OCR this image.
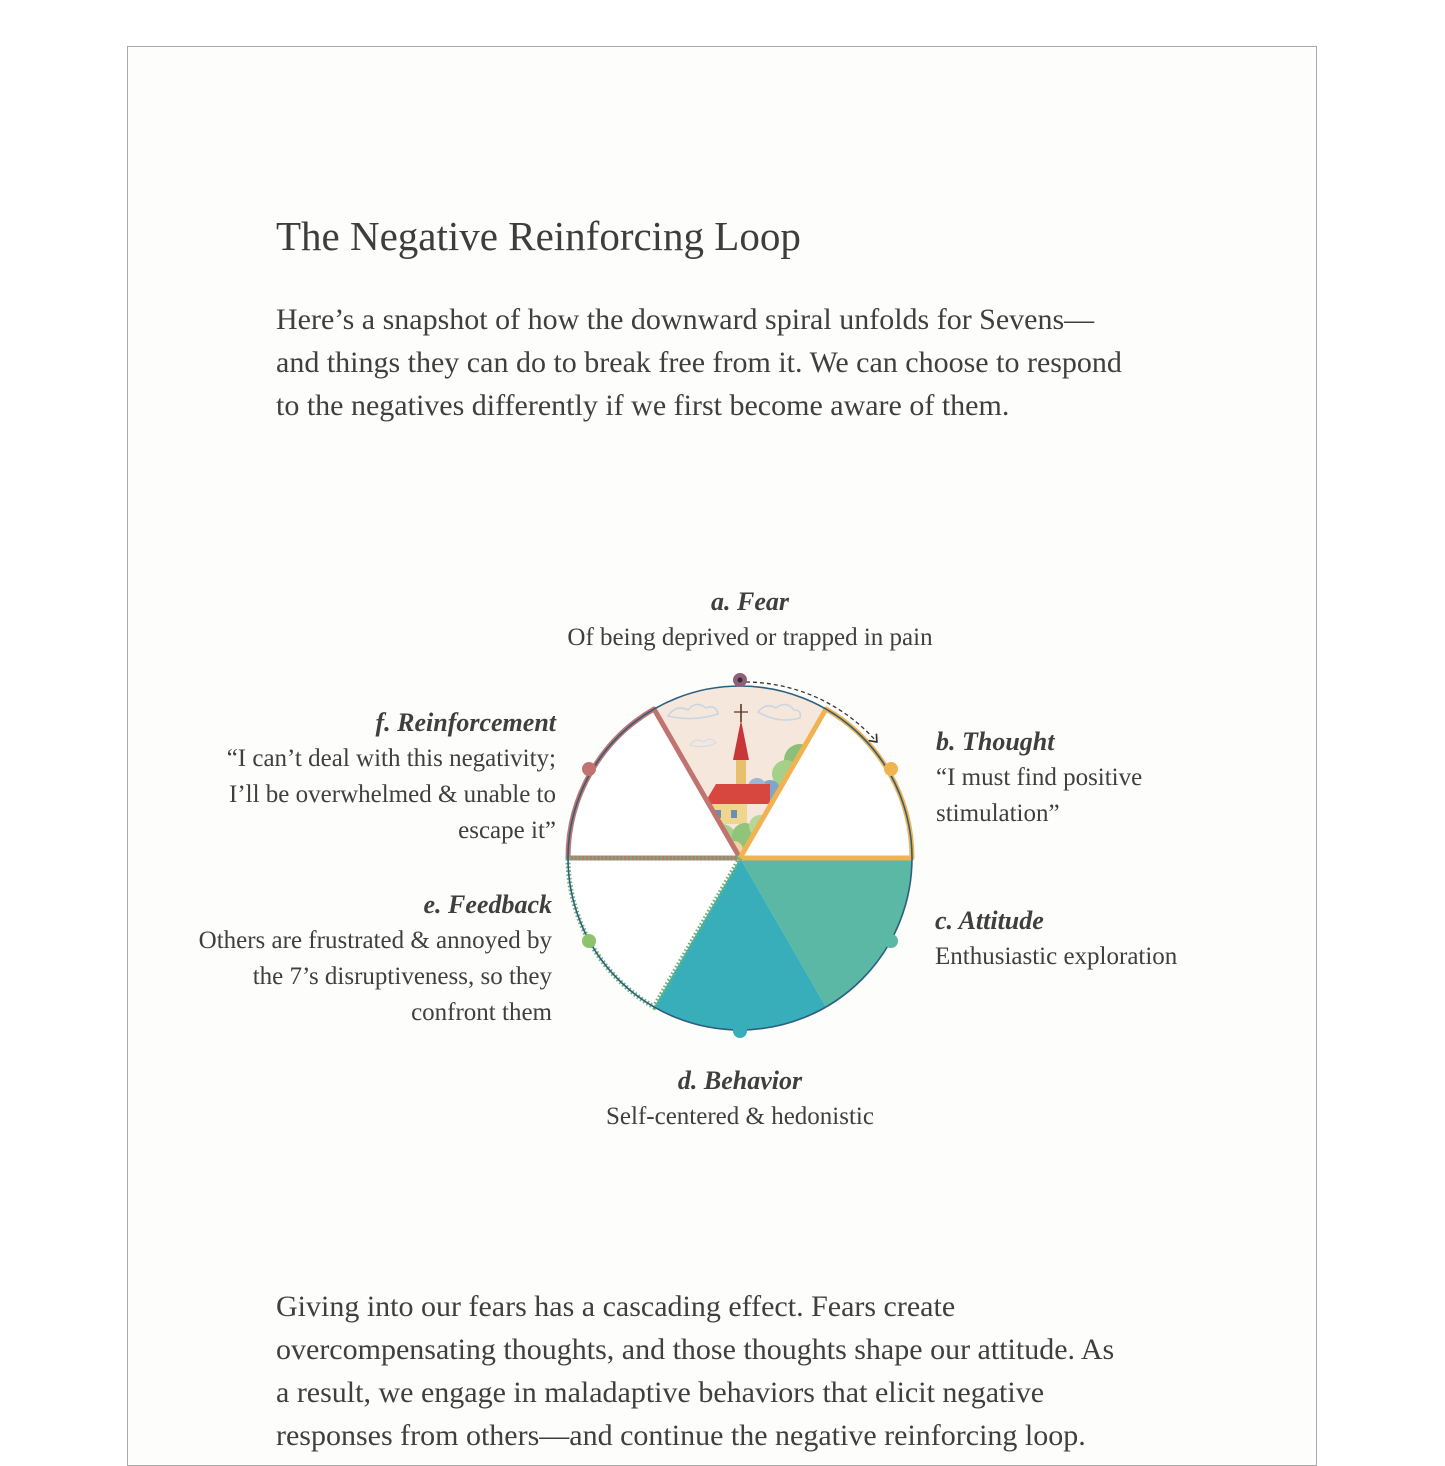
The Negative Reinforcing Loop

Here’s a snapshot of how the downward spiral unfolds for Sevens—
and things they can do to break free from it. We can choose to respond
to the negatives differently if we first become aware of them.

a. Fear
Of being deprived or trapped in pain
b. Thought
“I must find positive
stimulation”
c. Attitude
Enthusiastic exploration
d. Behavior
Self-centered & hedonistic
e. Feedback
Others are frustrated & annoyed by
the 7’s disruptiveness, so they
confront them
f. Reinforcement
“I can’t deal with this negativity;
I’ll be overwhelmed & unable to
escape it”

Giving into our fears has a cascading effect. Fears create
overcompensating thoughts, and those thoughts shape our attitude. As
a result, we engage in maladaptive behaviors that elicit negative
responses from others—and continue the negative reinforcing loop.
